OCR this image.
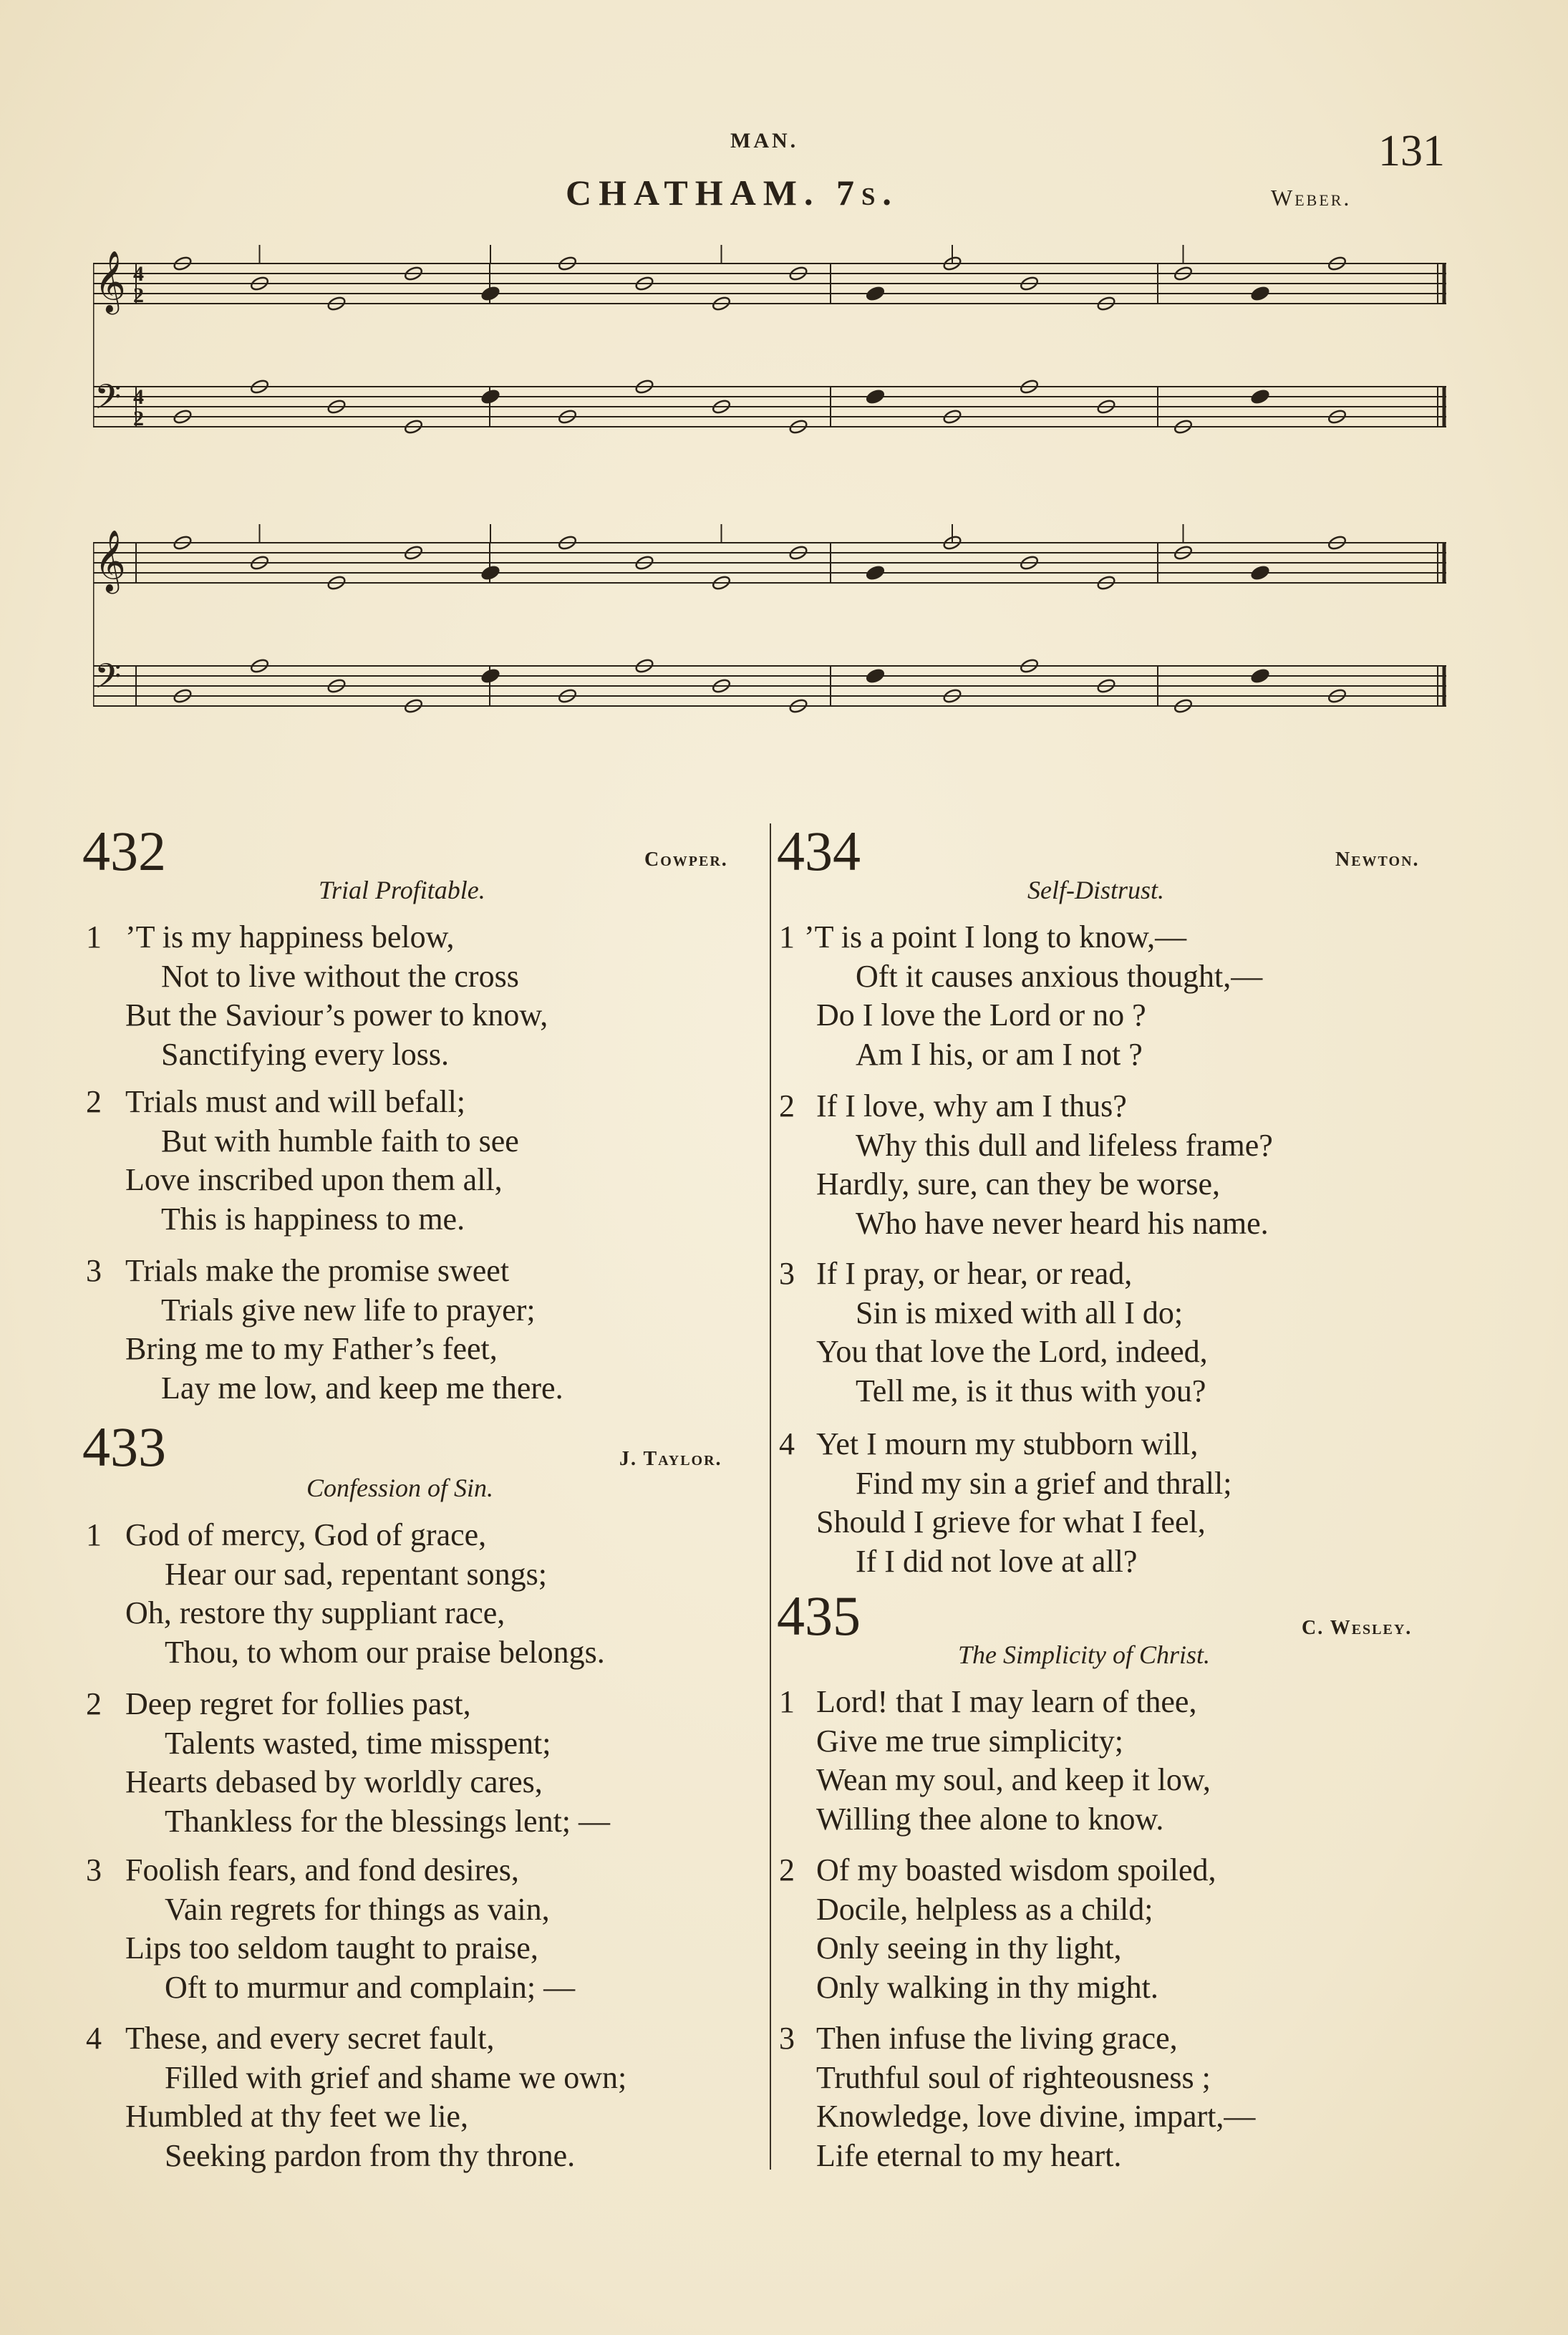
MAN.	131
CHATHAM. 7s.	Weber.
𝄞 4
2
𝄢 4
2
𝄞
𝄢
432	Cowper.
Trial Profitable.
1 ’T is my happiness below,
Not to live without the cross
But the Saviour’s power to know,
Sanctifying every loss.
2 Trials must and will befall;
But with humble faith to see
Love inscribed upon them all,
This is happiness to me.
3 Trials make the promise sweet
Trials give new life to prayer;
Bring me to my Father’s feet,
Lay me low, and keep me there.
433	J. Taylor.
Confession of Sin.
1 God of mercy, God of grace,
Hear our sad, repentant songs;
Oh, restore thy suppliant race,
Thou, to whom our praise belongs.
2 Deep regret for follies past,
Talents wasted, time misspent;
Hearts debased by worldly cares,
Thankless for the blessings lent; —
3 Foolish fears, and fond desires,
Vain regrets for things as vain,
Lips too seldom taught to praise,
Oft to murmur and complain; —
4 These, and every secret fault,
Filled with grief and shame we own;
Humbled at thy feet we lie,
Seeking pardon from thy throne.
434	Newton.
Self-Distrust.
1 ’T is a point I long to know,—
Oft it causes anxious thought,—
Do I love the Lord or no ?
Am I his, or am I not ?
2 If I love, why am I thus?
Why this dull and lifeless frame?
Hardly, sure, can they be worse,
Who have never heard his name.
3 If I pray, or hear, or read,
Sin is mixed with all I do;
You that love the Lord, indeed,
Tell me, is it thus with you?
4 Yet I mourn my stubborn will,
Find my sin a grief and thrall;
Should I grieve for what I feel,
If I did not love at all?
435	C. Wesley.
The Simplicity of Christ.
1 Lord! that I may learn of thee,
Give me true simplicity;
Wean my soul, and keep it low,
Willing thee alone to know.
2 Of my boasted wisdom spoiled,
Docile, helpless as a child;
Only seeing in thy light,
Only walking in thy might.
3 Then infuse the living grace,
Truthful soul of righteousness ;
Knowledge, love divine, impart,—
Life eternal to my heart.
